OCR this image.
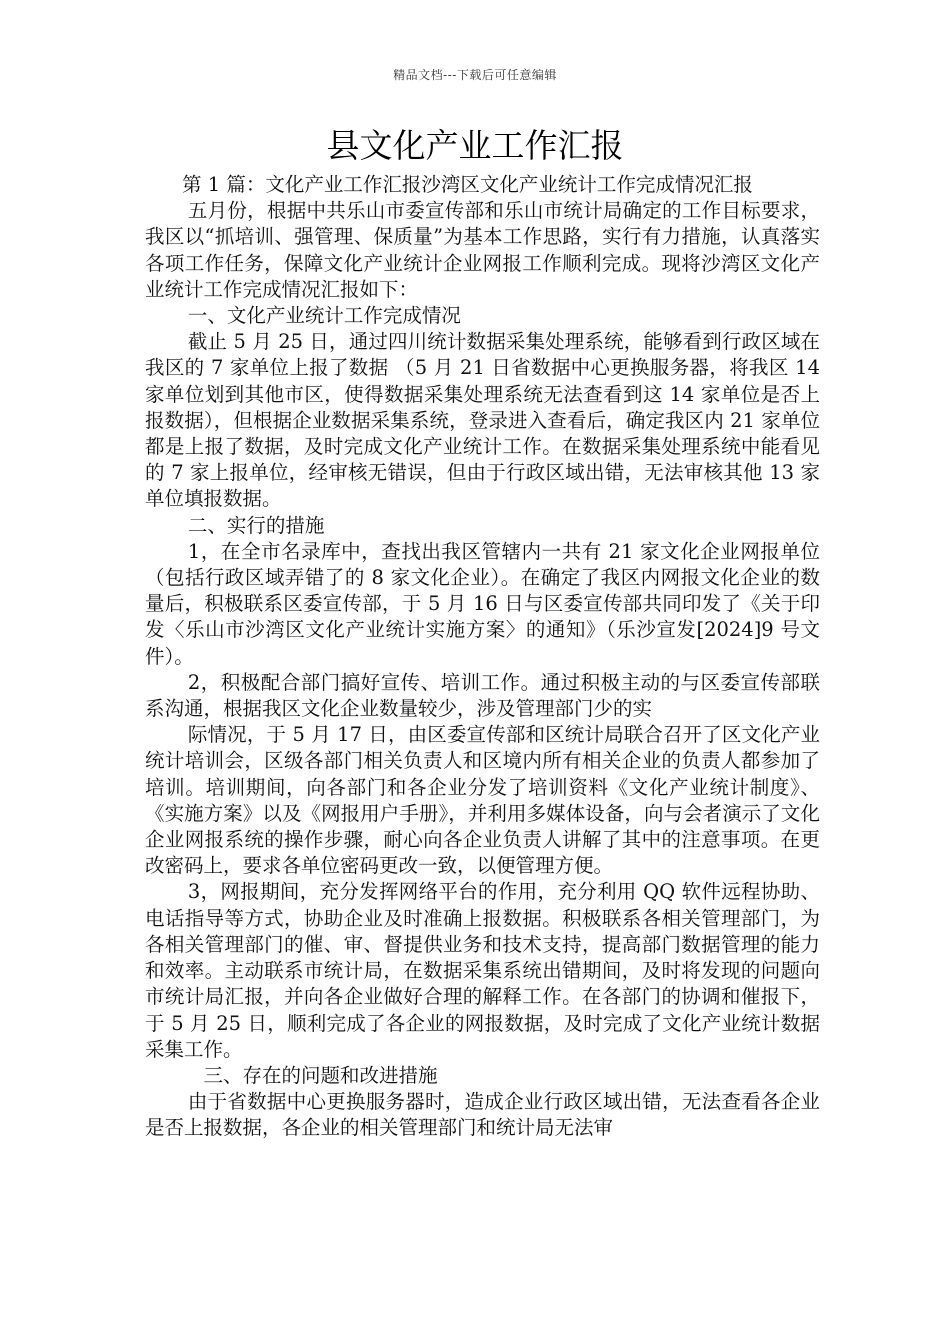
精品文档---下载后可任意编辑
县文化产业工作汇报

第 1 篇：文化产业工作汇报沙湾区文化产业统计工作完成情况汇报

五月份，根据中共乐山市委宣传部和乐山市统计局确定的工作目标要求，我区以“抓培训、强管理、保质量”为基本工作思路，实行有力措施，认真落实各项工作任务，保障文化产业统计企业网报工作顺利完成。现将沙湾区文化产业统计工作完成情况汇报如下：

一、文化产业统计工作完成情况

截止 5 月 25 日，通过四川统计数据采集处理系统，能够看到行政区域在我区的 7 家单位上报了数据 （5 月 21 日省数据中心更换服务器，将我区 14 家单位划到其他市区，使得数据采集处理系统无法查看到这 14 家单位是否上报数据），但根据企业数据采集系统，登录进入查看后，确定我区内 21 家单位都是上报了数据，及时完成文化产业统计工作。在数据采集处理系统中能看见的 7 家上报单位，经审核无错误，但由于行政区域出错，无法审核其他 13 家单位填报数据。

二、实行的措施

1，在全市名录库中，查找出我区管辖内一共有 21 家文化企业网报单位（包括行政区域弄错了的 8 家文化企业）。在确定了我区内网报文化企业的数量后，积极联系区委宣传部，于 5 月 16 日与区委宣传部共同印发了《关于印发〈乐山市沙湾区文化产业统计实施方案〉的通知》（乐沙宣发[2024]9 号文件）。

2，积极配合部门搞好宣传、培训工作。通过积极主动的与区委宣传部联系沟通，根据我区文化企业数量较少，涉及管理部门少的实

际情况，于 5 月 17 日，由区委宣传部和区统计局联合召开了区文化产业统计培训会，区级各部门相关负责人和区境内所有相关企业的负责人都参加了培训。培训期间，向各部门和各企业分发了培训资料《文化产业统计制度》、《实施方案》以及《网报用户手册》，并利用多媒体设备，向与会者演示了文化企业网报系统的操作步骤，耐心向各企业负责人讲解了其中的注意事项。在更改密码上，要求各单位密码更改一致，以便管理方便。

3，网报期间，充分发挥网络平台的作用，充分利用 QQ 软件远程协助、电话指导等方式，协助企业及时准确上报数据。积极联系各相关管理部门，为各相关管理部门的催、审、督提供业务和技术支持，提高部门数据管理的能力和效率。主动联系市统计局，在数据采集系统出错期间，及时将发现的问题向市统计局汇报，并向各企业做好合理的解释工作。在各部门的协调和催报下，于 5 月 25 日，顺利完成了各企业的网报数据，及时完成了文化产业统计数据采集工作。

三、存在的问题和改进措施

由于省数据中心更换服务器时，造成企业行政区域出错，无法查看各企业是否上报数据，各企业的相关管理部门和统计局无法审
